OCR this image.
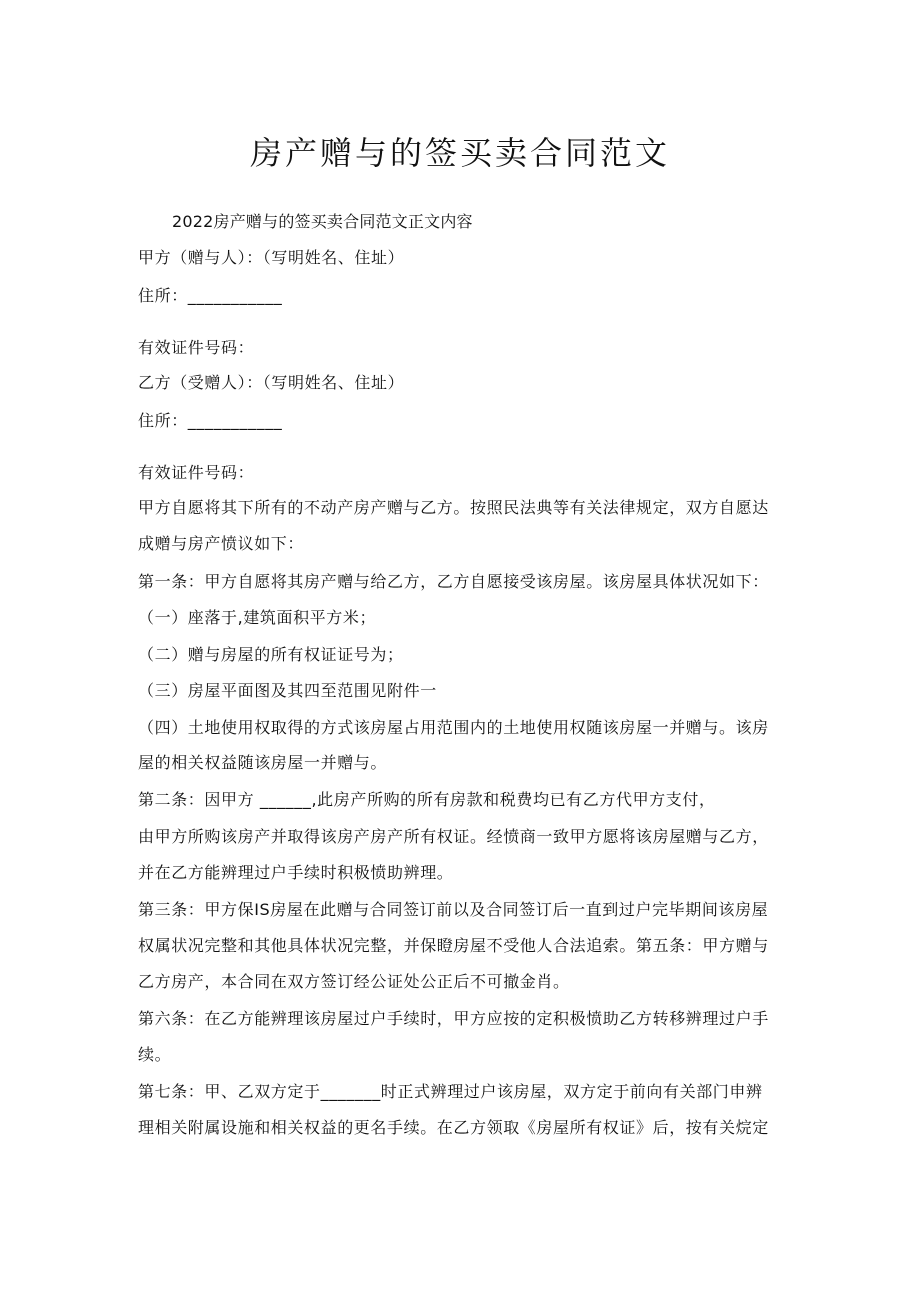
房产赠与的签买卖合同范文
2022房产赠与的签买卖合同范文正文内容
甲方（赠与人）：（写明姓名、住址）
住所：___________
有效证件号码：
乙方（受赠人）：（写明姓名、住址）
住所：___________
有效证件号码：
甲方自愿将其下所有的不动产房产赠与乙方。按照民法典等有关法律规定，双方自愿达
成赠与房产愤议如下：
第一条：甲方自愿将其房产赠与给乙方，乙方自愿接受该房屋。该房屋具体状况如下：
（一）座落于,建筑面积平方米；
（二）赠与房屋的所有权证证号为；
（三）房屋平面图及其四至范围见附件一
（四）土地使用权取得的方式该房屋占用范围内的土地使用权随该房屋一并赠与。该房
屋的相关权益随该房屋一并赠与。
第二条：因甲方 ______,此房产所购的所有房款和税费均已有乙方代甲方支付，
由甲方所购该房产并取得该房产房产所有权证。经愤商一致甲方愿将该房屋赠与乙方，
并在乙方能辨理过户手续时积极愤助辨理。
第三条：甲方保IS房屋在此赠与合同签订前以及合同签订后一直到过户完毕期间该房屋
权属状况完整和其他具体状况完整，并保瞪房屋不受他人合法追索。第五条：甲方赠与
乙方房产，本合同在双方签订经公证处公正后不可撤金肖。
第六条：在乙方能辨理该房屋过户手续时，甲方应按的定积极愤助乙方转移辨理过户手
续。
第七条：甲、乙双方定于_______时正式辨理过户该房屋，双方定于前向有关部门申辨
理相关附属设施和相关权益的更名手续。在乙方领取《房屋所有权证》后，按有关烷定
